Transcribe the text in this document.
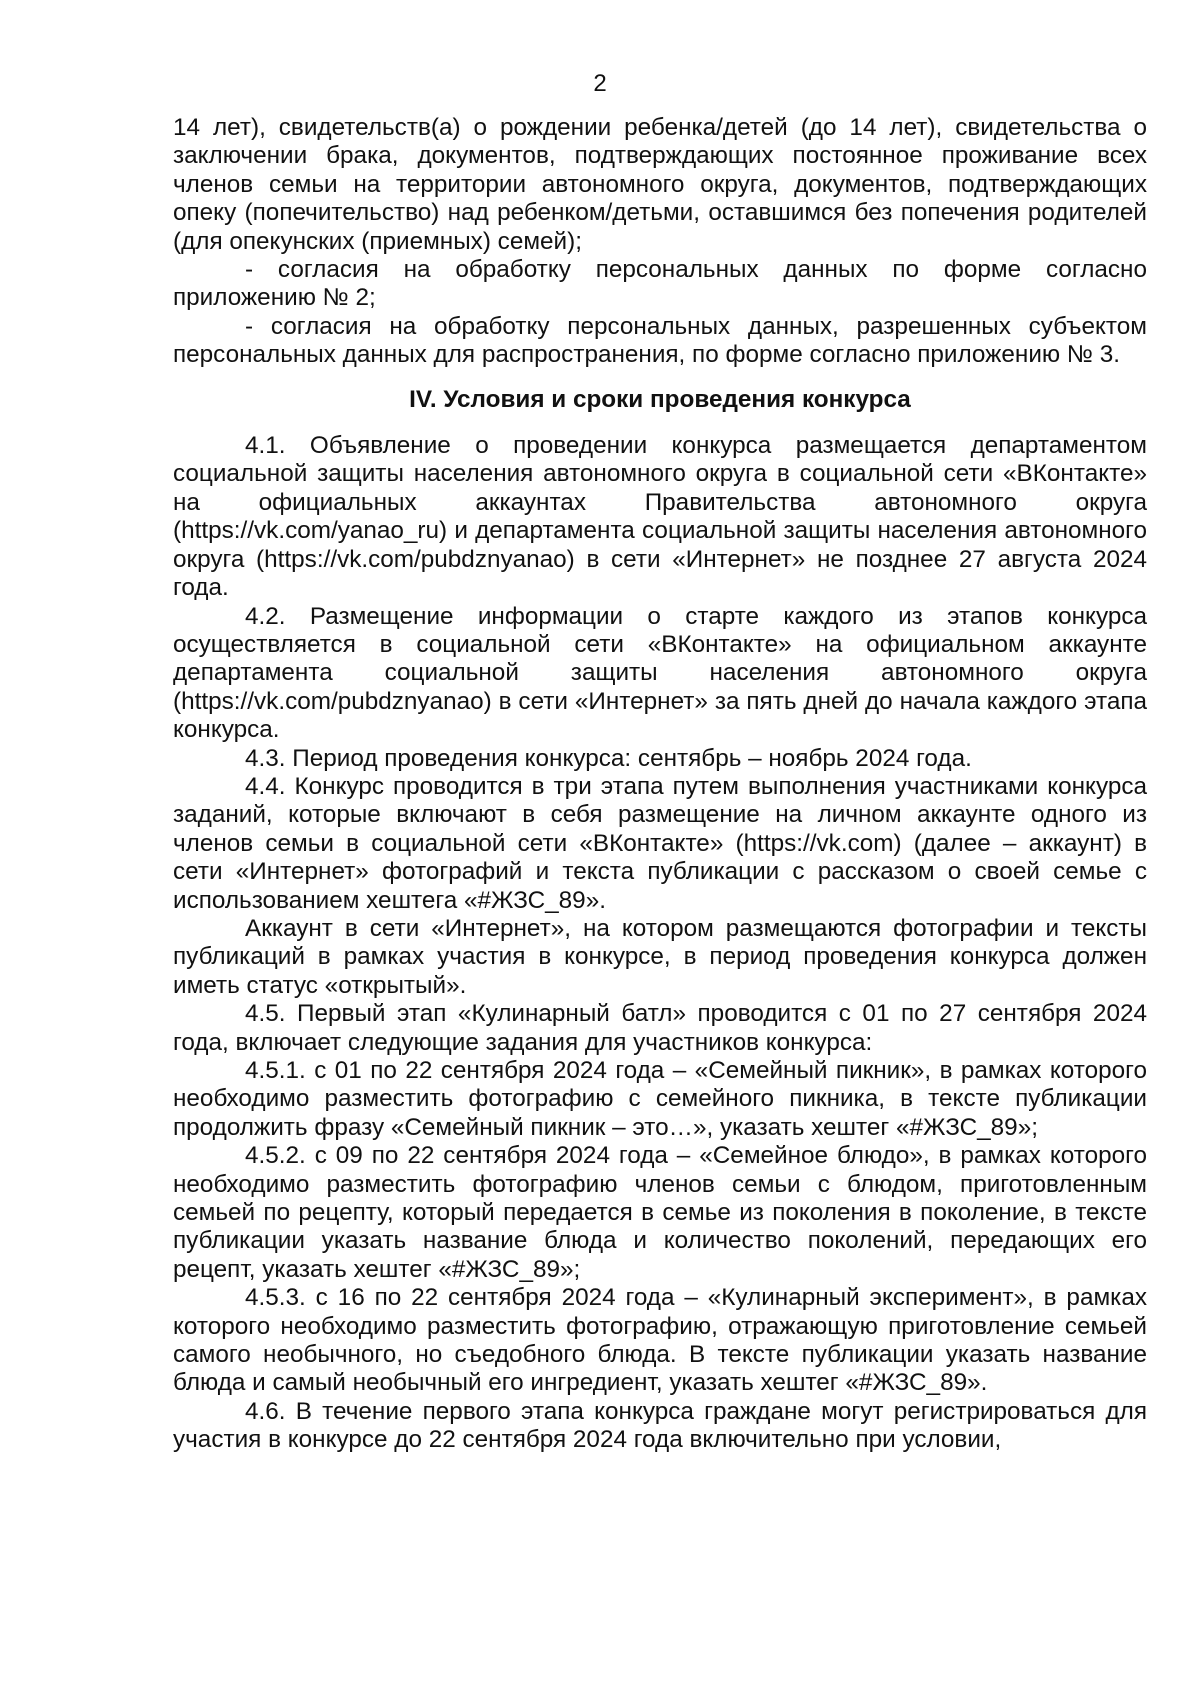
2

14 лет), свидетельств(а) о рождении ребенка/детей (до 14 лет), свидетельства о заключении брака, документов, подтверждающих постоянное проживание всех членов семьи на территории автономного округа, документов, подтверждающих опеку (попечительство) над ребенком/детьми, оставшимся без попечения родителей (для опекунских (приемных) семей);

- согласия на обработку персональных данных по форме согласно приложению № 2;

- согласия на обработку персональных данных, разрешенных субъектом персональных данных для распространения, по форме согласно приложению № 3.

IV. Условия и сроки проведения конкурса

4.1. Объявление о проведении конкурса размещается департаментом социальной защиты населения автономного округа в социальной сети «ВКонтакте» на официальных аккаунтах Правительства автономного округа (https://vk.com/yanao_ru) и департамента социальной защиты населения автономного округа (https://vk.com/pubdznyanao) в сети «Интернет» не позднее 27 августа 2024 года.

4.2. Размещение информации о старте каждого из этапов конкурса осуществляется в социальной сети «ВКонтакте» на официальном аккаунте департамента социальной защиты населения автономного округа (https://vk.com/pubdznyanao) в сети «Интернет» за пять дней до начала каждого этапа конкурса.

4.3. Период проведения конкурса: сентябрь – ноябрь 2024 года.

4.4. Конкурс проводится в три этапа путем выполнения участниками конкурса заданий, которые включают в себя размещение на личном аккаунте одного из членов семьи в социальной сети «ВКонтакте» (https://vk.com) (далее – аккаунт) в сети «Интернет» фотографий и текста публикации с рассказом о своей семье с использованием хештега «#ЖЗС_89».

Аккаунт в сети «Интернет», на котором размещаются фотографии и тексты публикаций в рамках участия в конкурсе, в период проведения конкурса должен иметь статус «открытый».

4.5. Первый этап «Кулинарный батл» проводится с 01 по 27 сентября 2024 года, включает следующие задания для участников конкурса:

4.5.1. с 01 по 22 сентября 2024 года – «Семейный пикник», в рамках которого необходимо разместить фотографию с семейного пикника, в тексте публикации продолжить фразу «Семейный пикник – это…», указать хештег «#ЖЗС_89»;

4.5.2. с 09 по 22 сентября 2024 года – «Семейное блюдо», в рамках которого необходимо разместить фотографию членов семьи с блюдом, приготовленным семьей по рецепту, который передается в семье из поколения в поколение, в тексте публикации указать название блюда и количество поколений, передающих его рецепт, указать хештег «#ЖЗС_89»;

4.5.3. с 16 по 22 сентября 2024 года – «Кулинарный эксперимент», в рамках которого необходимо разместить фотографию, отражающую приготовление семьей самого необычного, но съедобного блюда. В тексте публикации указать название блюда и самый необычный его ингредиент, указать хештег «#ЖЗС_89».

4.6. В течение первого этапа конкурса граждане могут регистрироваться для участия в конкурсе до 22 сентября 2024 года включительно при условии,
